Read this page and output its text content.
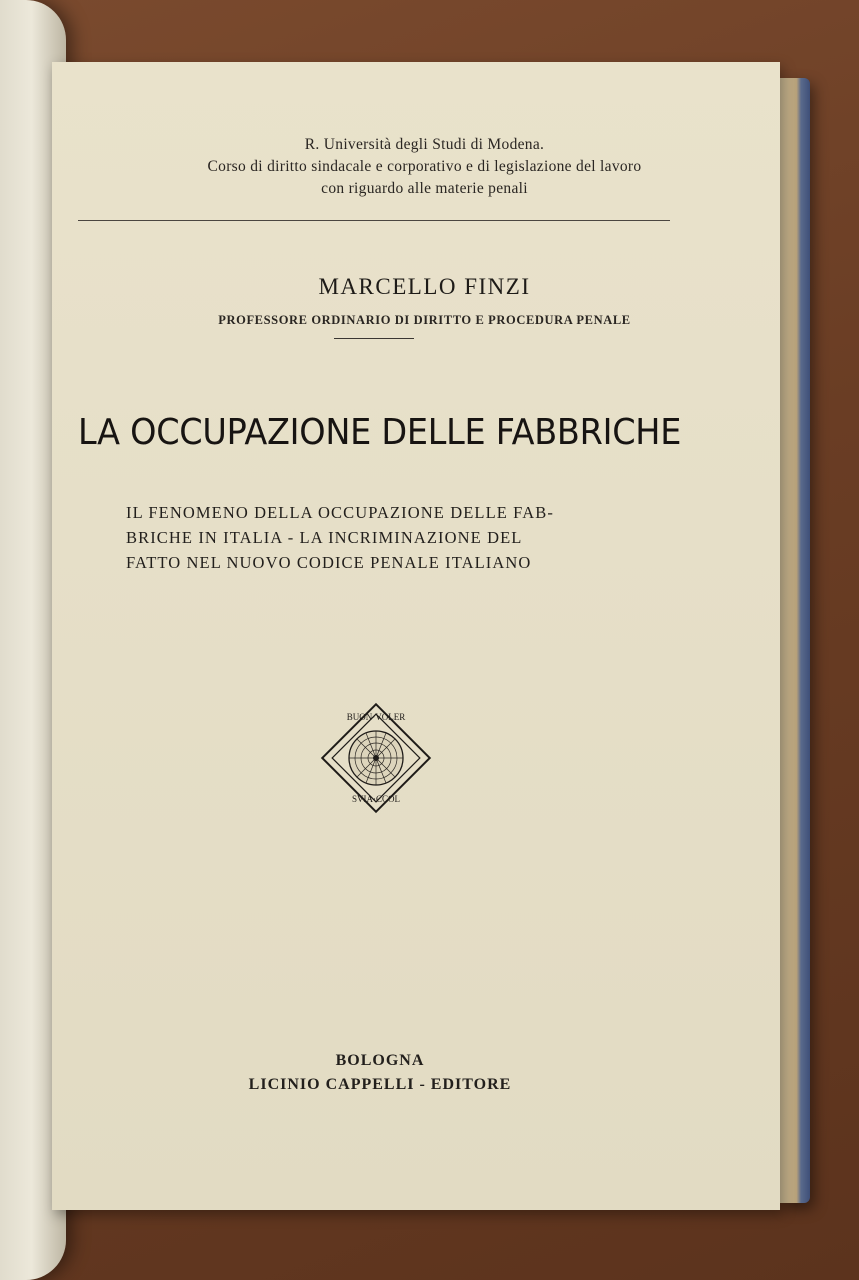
R. Università degli Studi di Modena.
Corso di diritto sindacale e corporativo e di legislazione del lavoro
con riguardo alle materie penali
MARCELLO FINZI
PROFESSORE ORDINARIO DI DIRITTO E PROCEDURA PENALE
LA OCCUPAZIONE DELLE FABBRICHE
IL FENOMENO DELLA OCCUPAZIONE DELLE FAB-
BRICHE IN ITALIA - LA INCRIMINAZIONE DEL
FATTO NEL NUOVO CODICE PENALE ITALIANO
BUON·VOLER
SVIA·CCOL
BOLOGNA
LICINIO CAPPELLI - EDITORE
